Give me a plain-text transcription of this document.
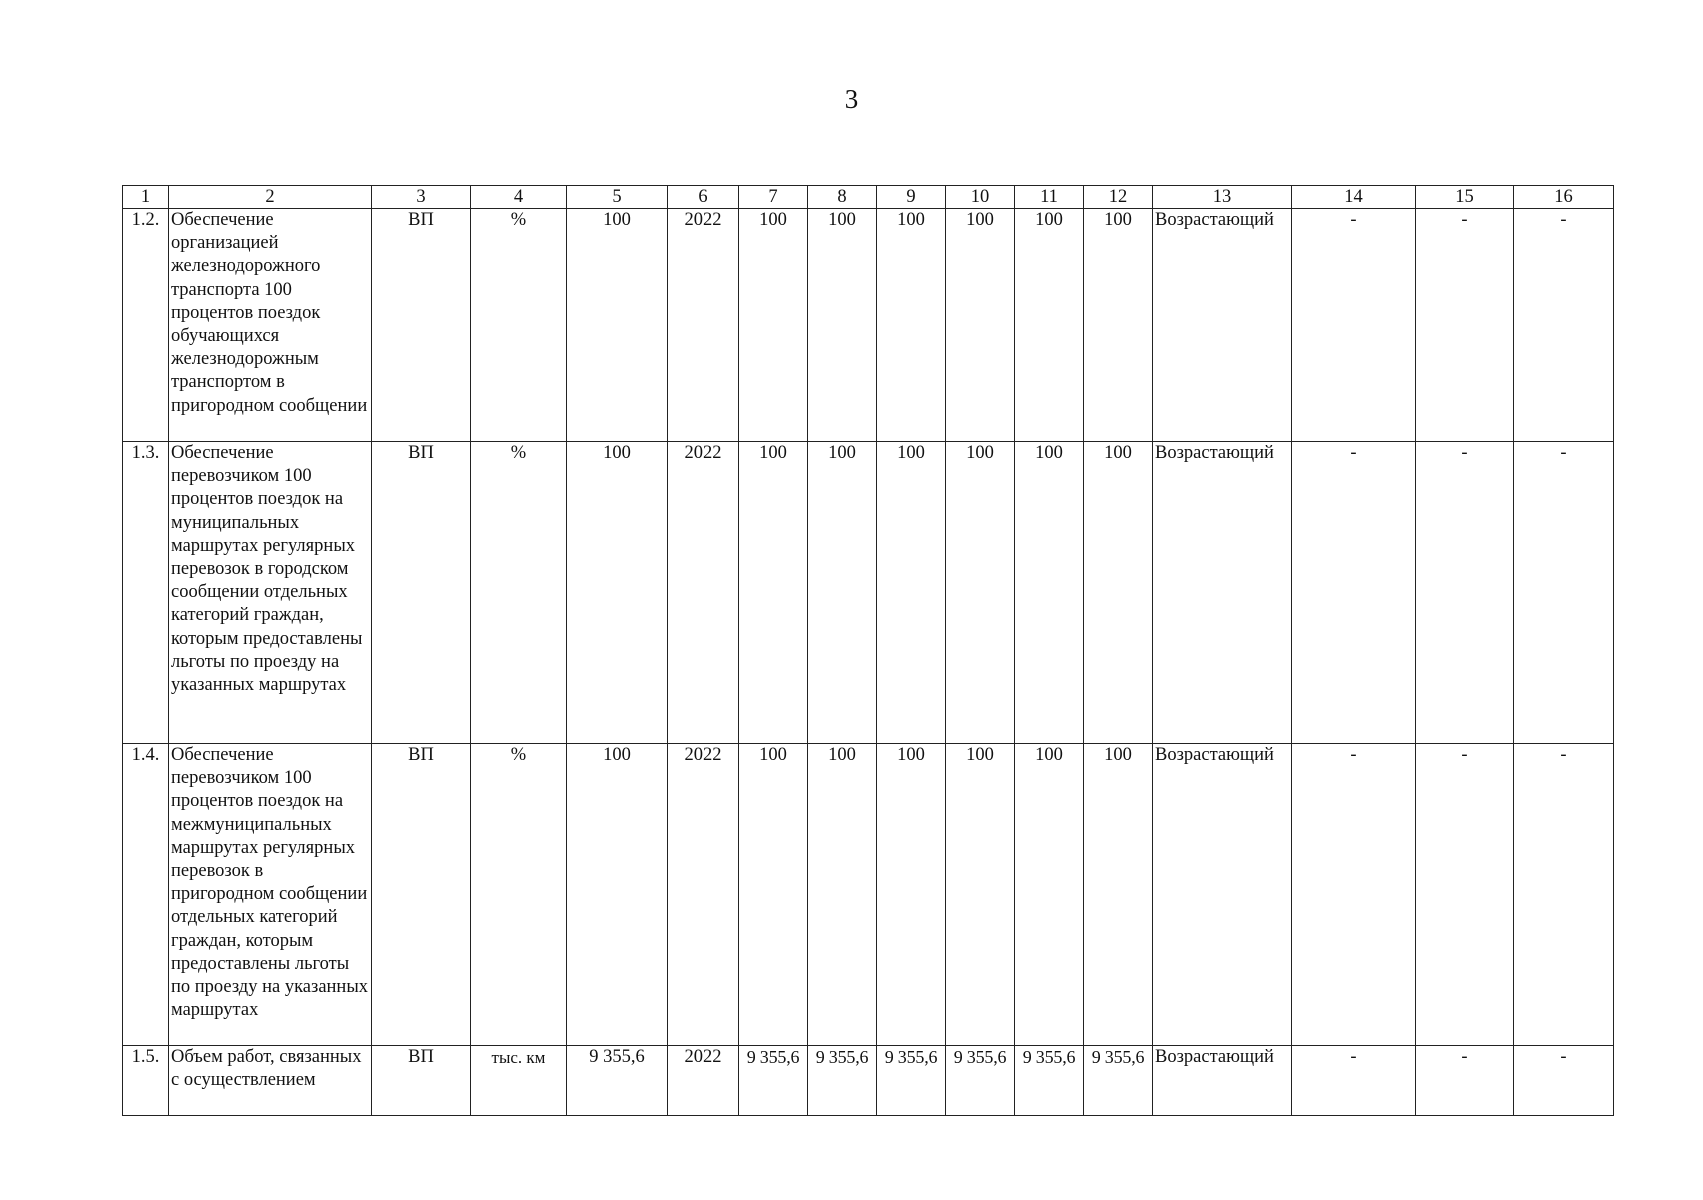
3
1	2	3	4	5	6	7	8	9	10	11	12	13	14	15	16
1.2.	Обеспечение организацией железнодорожного транспорта 100 процентов поездок обучающихся железнодорожным транспортом в пригородном сообщении	ВП	%	100	2022	100	100	100	100	100	100	Возрастающий	-	-	-
1.3.	Обеспечение перевозчиком 100 процентов поездок на муниципальных маршрутах регулярных перевозок в городском сообщении отдельных категорий граждан, которым предоставлены льготы по проезду на указанных маршрутах	ВП	%	100	2022	100	100	100	100	100	100	Возрастающий	-	-	-
1.4.	Обеспечение перевозчиком 100 процентов поездок на межмуниципальных маршрутах регулярных перевозок в пригородном сообщении отдельных категорий граждан, которым предоставлены льготы по проезду на указанных маршрутах	ВП	%	100	2022	100	100	100	100	100	100	Возрастающий	-	-	-
1.5.	Объем работ, связанных с осуществлением	ВП	тыс. км	9 355,6	2022	9 355,6	9 355,6	9 355,6	9 355,6	9 355,6	9 355,6	Возрастающий	-	-	-
